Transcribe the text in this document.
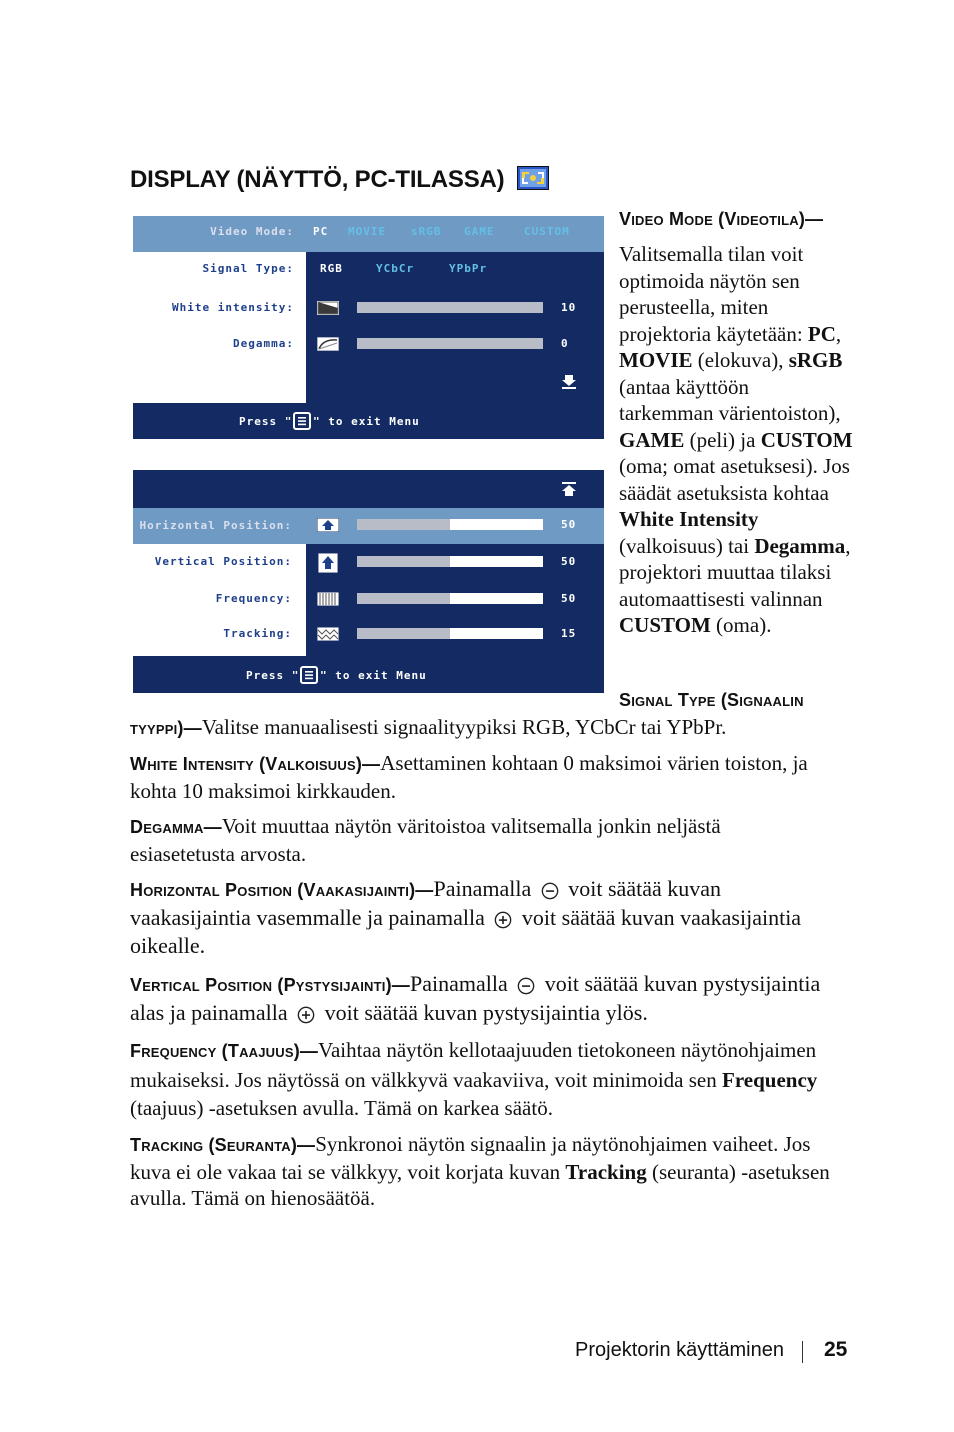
DISPLAY (NÄYTTÖ, PC-TILASSA)
Video Mode: PC MOVIE sRGB GAME	CUSTOM
Signal Type: RGB	YCbCr	YPbPr
White intensity:	10
Degamma:	0
Press " " to exit Menu
Horizontal Position:	50
Vertical Position:	50
Frequency:	50
Tracking:	15
Press " " to exit Menu
Video Mode (Videotila)—
Valitsemalla tilan voit
optimoida näytön sen
perusteella, miten
projektoria käytetään: PC,
MOVIE (elokuva), sRGB
(antaa käyttöön
tarkemman värientoiston),
GAME (peli) ja CUSTOM
(oma; omat asetuksesi). Jos
säädät asetuksista kohtaa
White Intensity
(valkoisuus) tai Degamma,
projektori muuttaa tilaksi
automaattisesti valinnan
CUSTOM (oma).
Signal Type (Signaalin
tyyppi)—Valitse manuaalisesti signaalityypiksi RGB, YCbCr tai YPbPr.
White Intensity (Valkoisuus)—Asettaminen kohtaan 0 maksimoi värien toiston, ja
kohta 10 maksimoi kirkkauden.
Degamma—Voit muuttaa näytön väritoistoa valitsemalla jonkin neljästä
esiasetetusta arvosta.
Horizontal Position (Vaakasijainti)—Painamalla voit säätää kuvan
vaakasijaintia vasemmalle ja painamalla voit säätää kuvan vaakasijaintia
oikealle.
Vertical Position (Pystysijainti)—Painamalla voit säätää kuvan pystysijaintia
alas ja painamalla voit säätää kuvan pystysijaintia ylös.
Frequency (Taajuus)—Vaihtaa näytön kellotaajuuden tietokoneen näytönohjaimen
mukaiseksi. Jos näytössä on välkkyvä vaakaviiva, voit minimoida sen Frequency
(taajuus) -asetuksen avulla. Tämä on karkea säätö.
Tracking (Seuranta)—Synkronoi näytön signaalin ja näytönohjaimen vaiheet. Jos
kuva ei ole vakaa tai se välkkyy, voit korjata kuvan Tracking (seuranta) -asetuksen
avulla. Tämä on hienosäätöä.
Projektorin käyttäminen 25
